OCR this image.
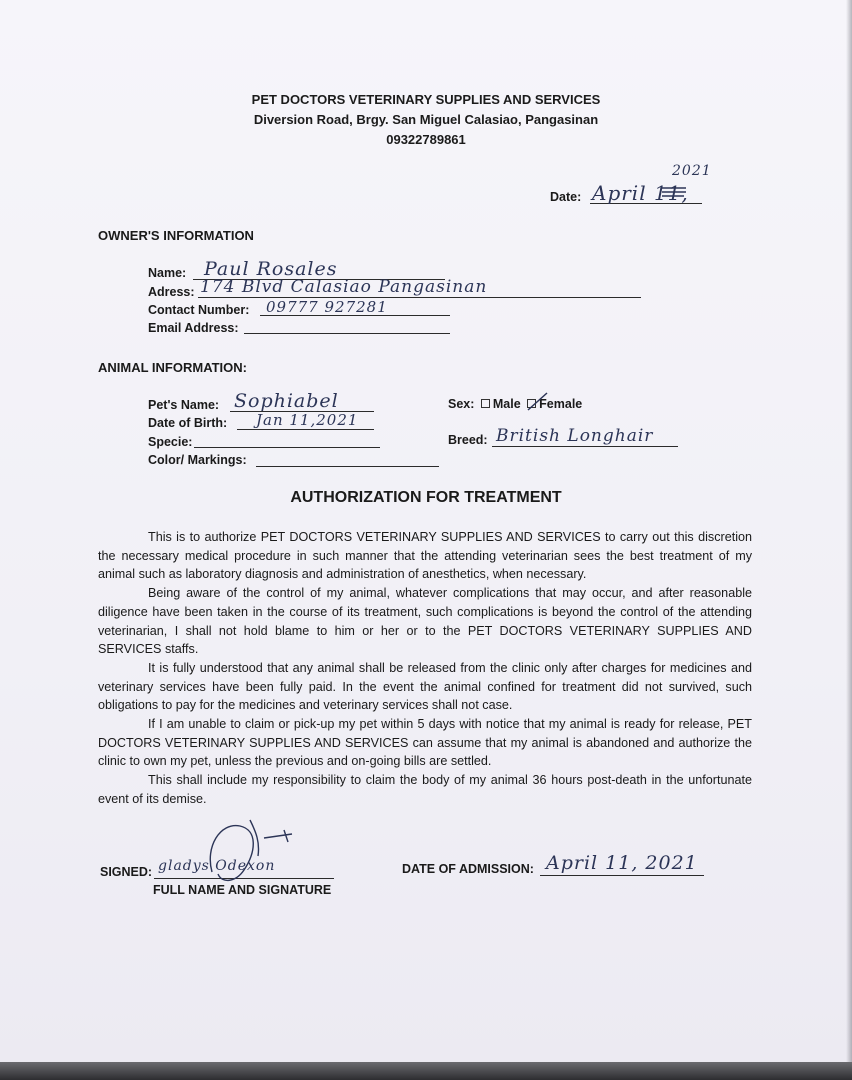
PET DOCTORS VETERINARY SUPPLIES AND SERVICES
Diversion Road, Brgy. San Miguel Calasiao, Pangasinan
09322789861
Date: April 11,
2021
OWNER'S INFORMATION
Name: Paul Rosales
Adress: 174 Blvd Calasiao Pangasinan
Contact Number: 09777 927281
Email Address:
ANIMAL INFORMATION:
Pet's Name: Sophiabel
Date of Birth: Jan 11,2021
Specie:
Color/ Markings:
Sex: Male Female
Breed: British Longhair
AUTHORIZATION FOR TREATMENT

This is to authorize PET DOCTORS VETERINARY SUPPLIES AND SERVICES to carry out this discretion the necessary medical procedure in such manner that the attending veterinarian sees the best treatment of my animal such as laboratory diagnosis and administration of anesthetics, when necessary.

Being aware of the control of my animal, whatever complications that may occur, and after reasonable diligence have been taken in the course of its treatment, such complications is beyond the control of the attending veterinarian, I shall not hold blame to him or her or to the PET DOCTORS VETERINARY SUPPLIES AND SERVICES staffs.

It is fully understood that any animal shall be released from the clinic only after charges for medicines and veterinary services have been fully paid. In the event the animal confined for treatment did not survived, such obligations to pay for the medicines and veterinary services shall not case.

If I am unable to claim or pick-up my pet within 5 days with notice that my animal is ready for release, PET DOCTORS VETERINARY SUPPLIES AND SERVICES can assume that my animal is abandoned and authorize the clinic to own my pet, unless the previous and on-going bills are settled.

This shall include my responsibility to claim the body of my animal 36 hours post-death in the unfortunate event of its demise.

SIGNED: gladys Odexon
FULL NAME AND SIGNATURE
DATE OF ADMISSION: April 11, 2021
